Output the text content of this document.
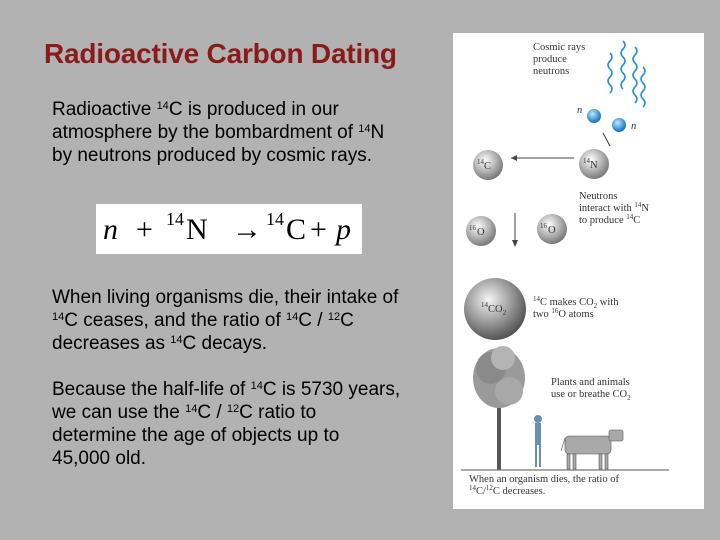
Radioactive Carbon Dating
Radioactive $^{14}$C is produced in our atmosphere by the bombardment of $^{14}$N by neutrons produced by cosmic rays.
n + 14 N → 14 C + p
When living organisms die, their intake of $^{14}$C ceases, and the ratio of $^{14}$C / $^{12}$C decreases as $^{14}$C decays.
Because the half-life of $^{14}$C is 5730 years, we can use the $^{14}$C / $^{12}$C ratio to determine the age of objects up to 45,000 old.
Cosmic rays
produce
neutrons
n
n
14 C	14 N
Neutrons
interact with $^{14}$N
to produce $^{14}$C
16 O
16 O
14 $CO_2$
$^{14}$C makes $CO_2$ with
two $^{16}$O atoms
Plants and animals
use or breathe $CO_2$
When an organism dies, the ratio of
$^{14}$C/$^{12}$C decreases.
